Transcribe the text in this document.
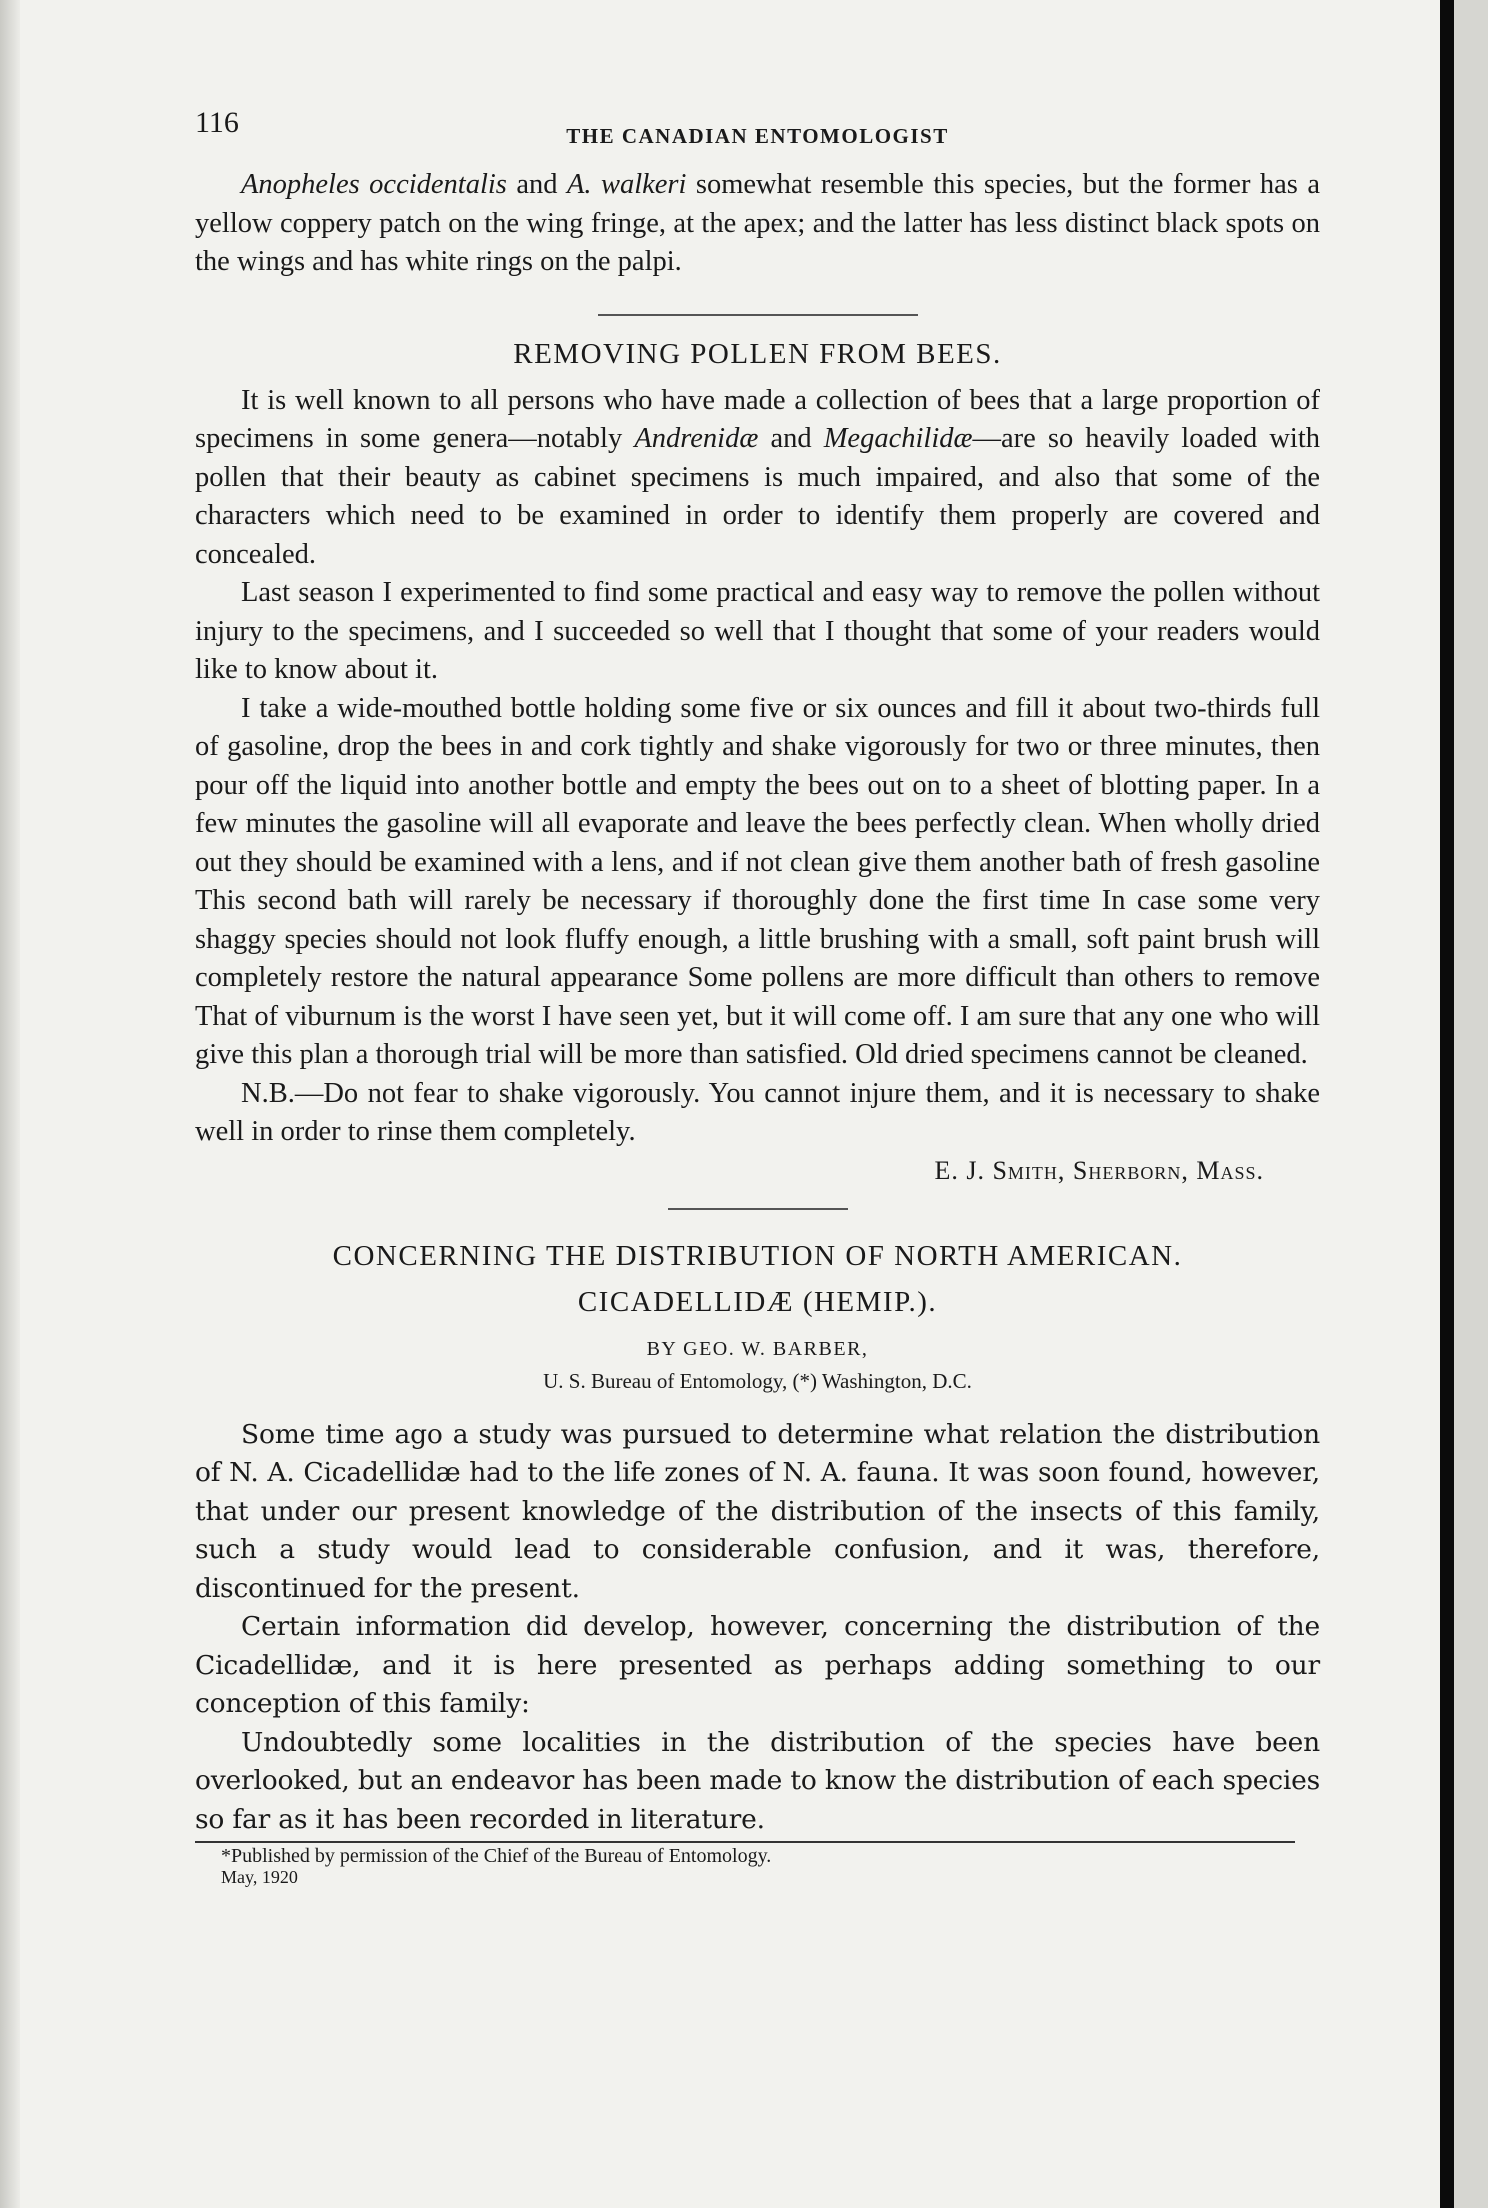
116	THE CANADIAN ENTOMOLOGIST

Anopheles occidentalis and A. walkeri somewhat resemble this species, but the former has a yellow coppery patch on the wing fringe, at the apex; and the latter has less distinct black spots on the wings and has white rings on the palpi.

REMOVING POLLEN FROM BEES.

It is well known to all persons who have made a collection of bees that a large proportion of specimens in some genera—notably Andrenidæ and Megachilidæ—are so heavily loaded with pollen that their beauty as cabinet specimens is much impaired, and also that some of the characters which need to be examined in order to identify them properly are covered and concealed.

Last season I experimented to find some practical and easy way to remove the pollen without injury to the specimens, and I succeeded so well that I thought that some of your readers would like to know about it.

I take a wide-mouthed bottle holding some five or six ounces and fill it about two-thirds full of gasoline, drop the bees in and cork tightly and shake vigorously for two or three minutes, then pour off the liquid into another bottle and empty the bees out on to a sheet of blotting paper. In a few minutes the gasoline will all evaporate and leave the bees perfectly clean. When wholly dried out they should be examined with a lens, and if not clean give them another bath of fresh gasoline This second bath will rarely be necessary if thoroughly done the first time In case some very shaggy species should not look fluffy enough, a little brushing with a small, soft paint brush will completely restore the natural appearance Some pollens are more difficult than others to remove That of viburnum is the worst I have seen yet, but it will come off. I am sure that any one who will give this plan a thorough trial will be more than satisfied. Old dried specimens cannot be cleaned.

N.B.—Do not fear to shake vigorously. You cannot injure them, and it is necessary to shake well in order to rinse them completely.

E. J. Smith, Sherborn, Mass.
CONCERNING THE DISTRIBUTION OF NORTH AMERICAN.
CICADELLIDÆ (HEMIP.).
BY GEO. W. BARBER,
U. S. Bureau of Entomology, (*) Washington, D.C.

Some time ago a study was pursued to determine what relation the distribution of N. A. Cicadellidæ had to the life zones of N. A. fauna. It was soon found, however, that under our present knowledge of the distribution of the insects of this family, such a study would lead to considerable confusion, and it was, therefore, discontinued for the present.

Certain information did develop, however, concerning the distribution of the Cicadellidæ, and it is here presented as perhaps adding something to our conception of this family:

Undoubtedly some localities in the distribution of the species have been overlooked, but an endeavor has been made to know the distribution of each species so far as it has been recorded in literature.

*Published by permission of the Chief of the Bureau of Entomology.
May, 1920
